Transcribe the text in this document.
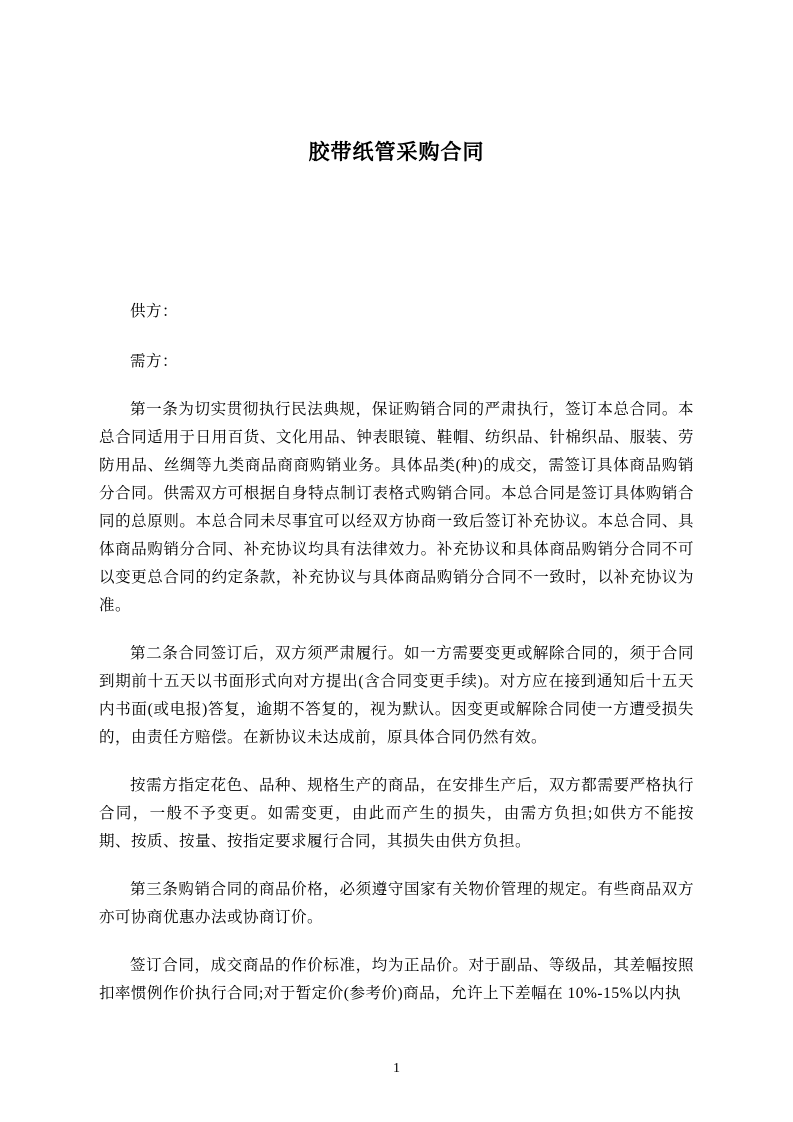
胶带纸管采购合同

供方：

需方：

第一条为切实贯彻执行民法典规，保证购销合同的严肃执行，签订本总合同。本总合同适用于日用百货、文化用品、钟表眼镜、鞋帽、纺织品、针棉织品、服装、劳防用品、丝绸等九类商品商商购销业务。具体品类(种)的成交，需签订具体商品购销分合同。供需双方可根据自身特点制订表格式购销合同。本总合同是签订具体购销合同的总原则。本总合同未尽事宜可以经双方协商一致后签订补充协议。本总合同、具体商品购销分合同、补充协议均具有法律效力。补充协议和具体商品购销分合同不可以变更总合同的约定条款，补充协议与具体商品购销分合同不一致时，以补充协议为准。

第二条合同签订后，双方须严肃履行。如一方需要变更或解除合同的，须于合同到期前十五天以书面形式向对方提出(含合同变更手续)。对方应在接到通知后十五天内书面(或电报)答复，逾期不答复的，视为默认。因变更或解除合同使一方遭受损失的，由责任方赔偿。在新协议未达成前，原具体合同仍然有效。

按需方指定花色、品种、规格生产的商品，在安排生产后，双方都需要严格执行合同，一般不予变更。如需变更，由此而产生的损失，由需方负担;如供方不能按期、按质、按量、按指定要求履行合同，其损失由供方负担。

第三条购销合同的商品价格，必须遵守国家有关物价管理的规定。有些商品双方亦可协商优惠办法或协商订价。

签订合同，成交商品的作价标准，均为正品价。对于副品、等级品，其差幅按照扣率惯例作价执行合同;对于暂定价(参考价)商品，允许上下差幅在 10%-15%以内执

1
